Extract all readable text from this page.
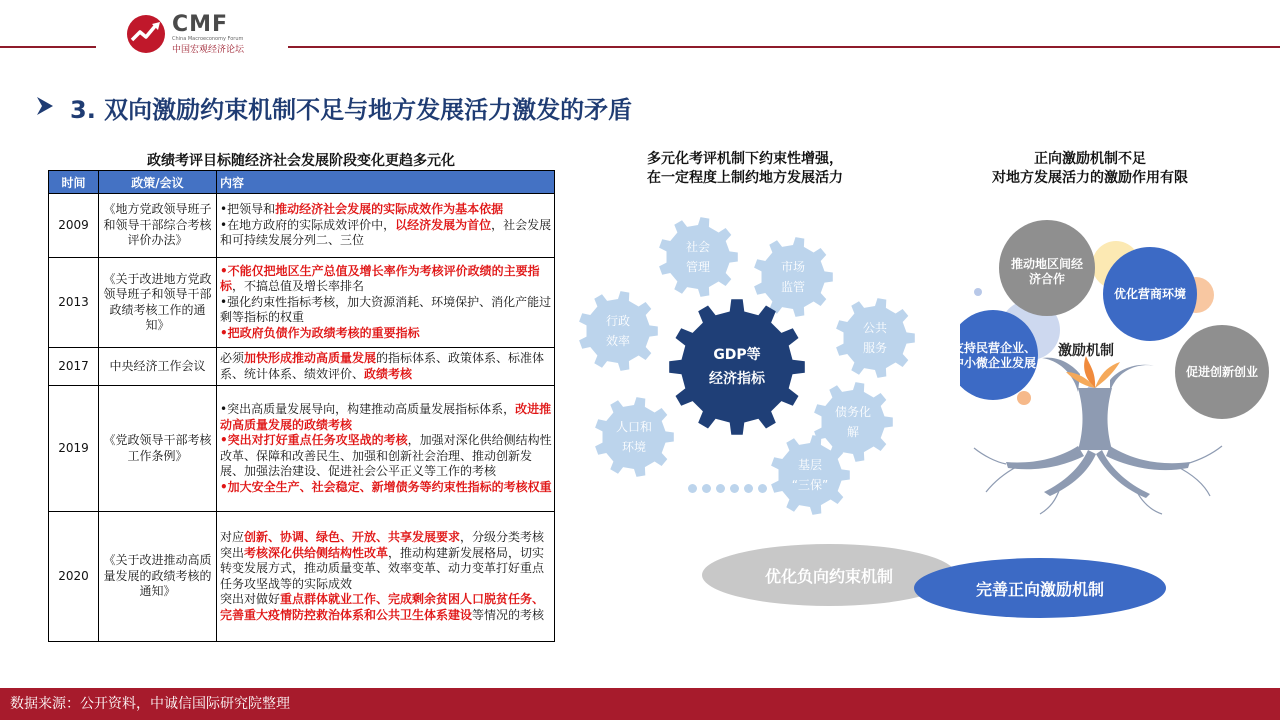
CMF
China Macroeconomy Forum
中国宏观经济论坛
3. 双向激励约束机制不足与地方发展活力激发的矛盾
政绩考评目标随经济社会发展阶段变化更趋多元化
时间	政策/会议	内容
2009	《地方党政领导班子和领导干部综合考核评价办法》	•把领导和推动经济社会发展的实际成效作为基本依据
•在地方政府的实际成效评价中，以经济发展为首位，社会发展和可持续发展分列二、三位

2013	《关于改进地方党政领导班子和领导干部政绩考核工作的通知》	•不能仅把地区生产总值及增长率作为考核评价政绩的主要指标，不搞总值及增长率排名
•强化约束性指标考核，加大资源消耗、环境保护、消化产能过剩等指标的权重
•把政府负债作为政绩考核的重要指标

2017	中央经济工作会议	必须加快形成推动高质量发展的指标体系、政策体系、标准体系、统计体系、绩效评价、政绩考核

2019	《党政领导干部考核工作条例》	•突出高质量发展导向，构建推动高质量发展指标体系，改进推动高质量发展的政绩考核
•突出对打好重点任务攻坚战的考核，加强对深化供给侧结构性改革、保障和改善民生、加强和创新社会治理、推动创新发展、加强法治建设、促进社会公平正义等工作的考核
•加大安全生产、社会稳定、新增债务等约束性指标的考核权重

2020	《关于改进推动高质量发展的政绩考核的通知》	对应创新、协调、绿色、开放、共享发展要求，分级分类考核
突出考核深化供给侧结构性改革，推动构建新发展格局，切实转变发展方式，推动质量变革、效率变革、动力变革打好重点任务攻坚战等的实际成效
突出对做好重点群体就业工作、完成剩余贫困人口脱贫任务、完善重大疫情防控救治体系和公共卫生体系建设等情况的考核
多元化考评机制下约束性增强，
在一定程度上制约地方发展活力
社会
管理	市场
监管
公共
服务
债务化
解
基层
“三保”
人口和
环境
行政
效率
GDP等
经济指标
正向激励机制不足
对地方发展活力的激励作用有限
推动地区间经
济合作
优化营商环境
支持民营企业、
中小微企业发展
促进创新创业
激励机制
优化负向约束机制
完善正向激励机制
数据来源：公开资料，中诚信国际研究院整理
